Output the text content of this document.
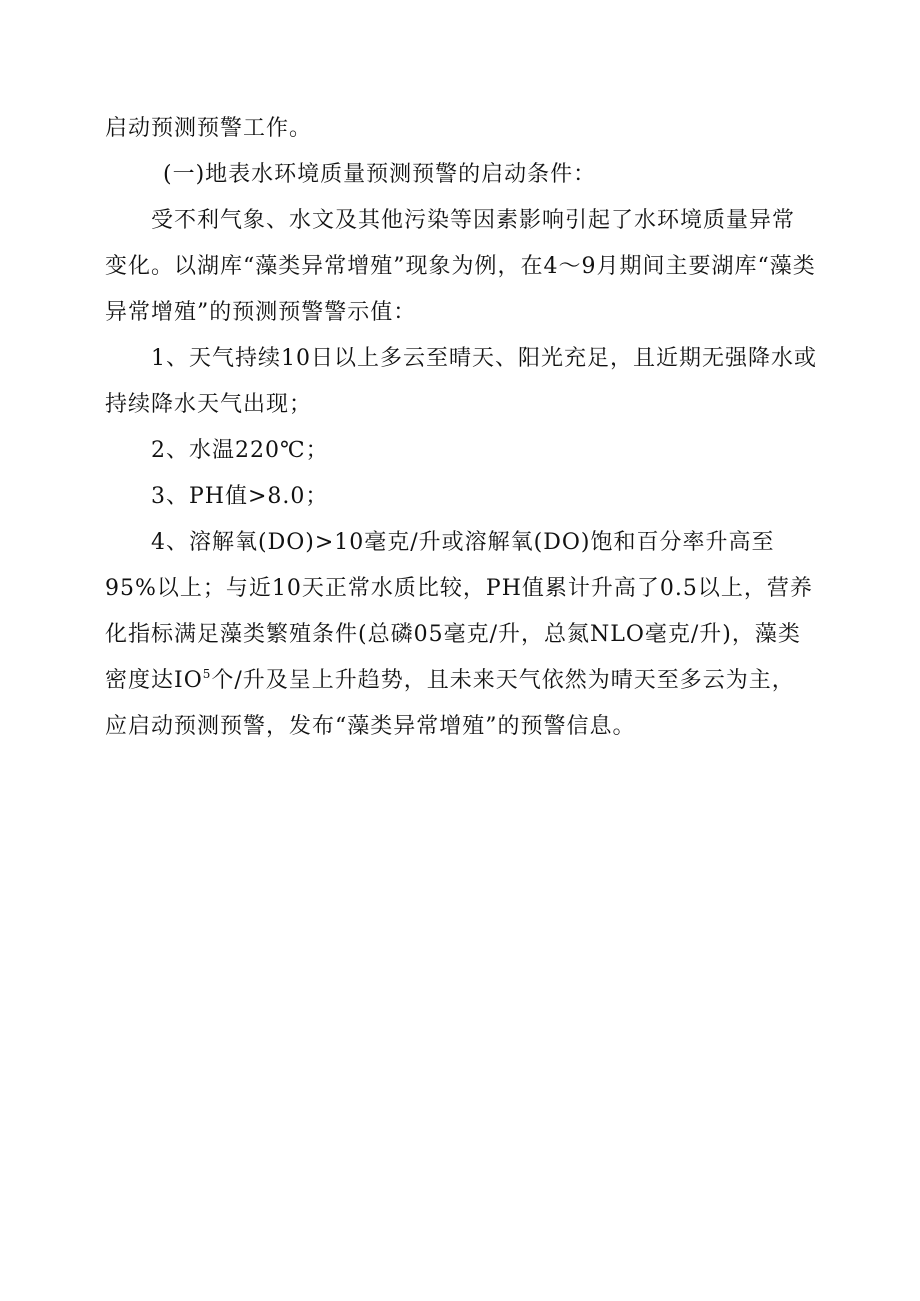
启动预测预警工作。

(一)地表水环境质量预测预警的启动条件：

受不利气象、水文及其他污染等因素影响引起了水环境质量异常变化。以湖库“藻类异常增殖”现象为例，在4～9月期间主要湖库“藻类异常增殖”的预测预警警示值：

1、天气持续10日以上多云至晴天、阳光充足，且近期无强降水或持续降水天气出现；

2、水温220℃；

3、PH值>8.0；

4、溶解氧(DO)>10毫克/升或溶解氧(DO)饱和百分率升高至95%以上；与近10天正常水质比较，PH值累计升高了0.5以上，营养化指标满足藻类繁殖条件(总磷05毫克/升，总氮NLO毫克/升)，藻类密度达$IO^5$个/升及呈上升趋势，且未来天气依然为晴天至多云为主，应启动预测预警，发布“藻类异常增殖”的预警信息。
